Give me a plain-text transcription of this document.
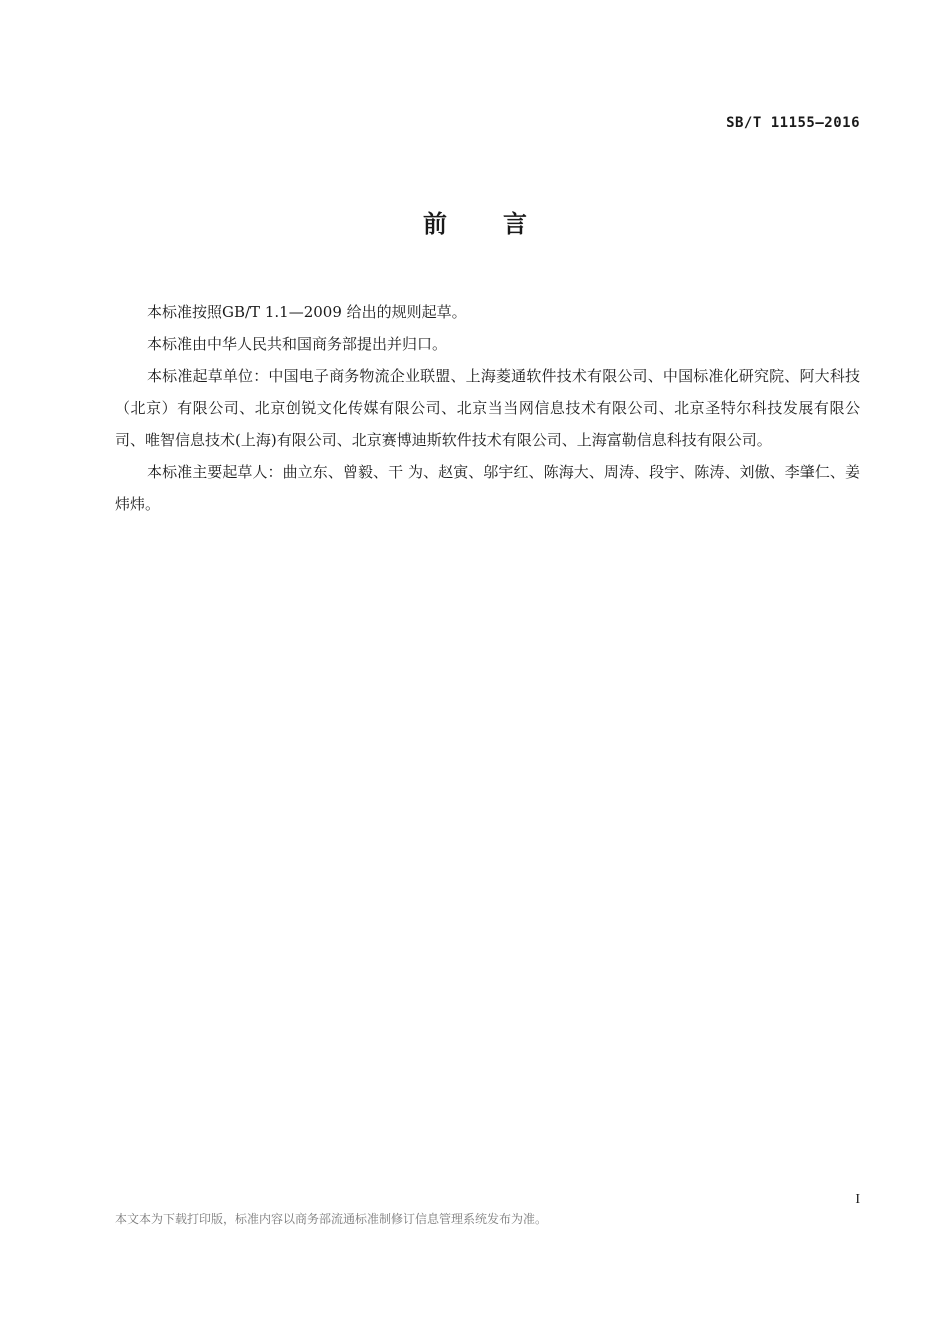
SB/T 11155—2016
前 言

本标准按照GB/T 1.1—2009 给出的规则起草。

本标准由中华人民共和国商务部提出并归口。

本标准起草单位：中国电子商务物流企业联盟、上海菱通软件技术有限公司、中国标准化研究院、阿大科技（北京）有限公司、北京创锐文化传媒有限公司、北京当当网信息技术有限公司、北京圣特尔科技发展有限公司、唯智信息技术(上海)有限公司、北京赛博迪斯软件技术有限公司、上海富勒信息科技有限公司。

本标准主要起草人：曲立东、曾毅、干 为、赵寅、邬宇红、陈海大、周涛、段宇、陈涛、刘傲、李肇仁、姜炜炜。

I
本文本为下载打印版，标准内容以商务部流通标准制修订信息管理系统发布为准。
